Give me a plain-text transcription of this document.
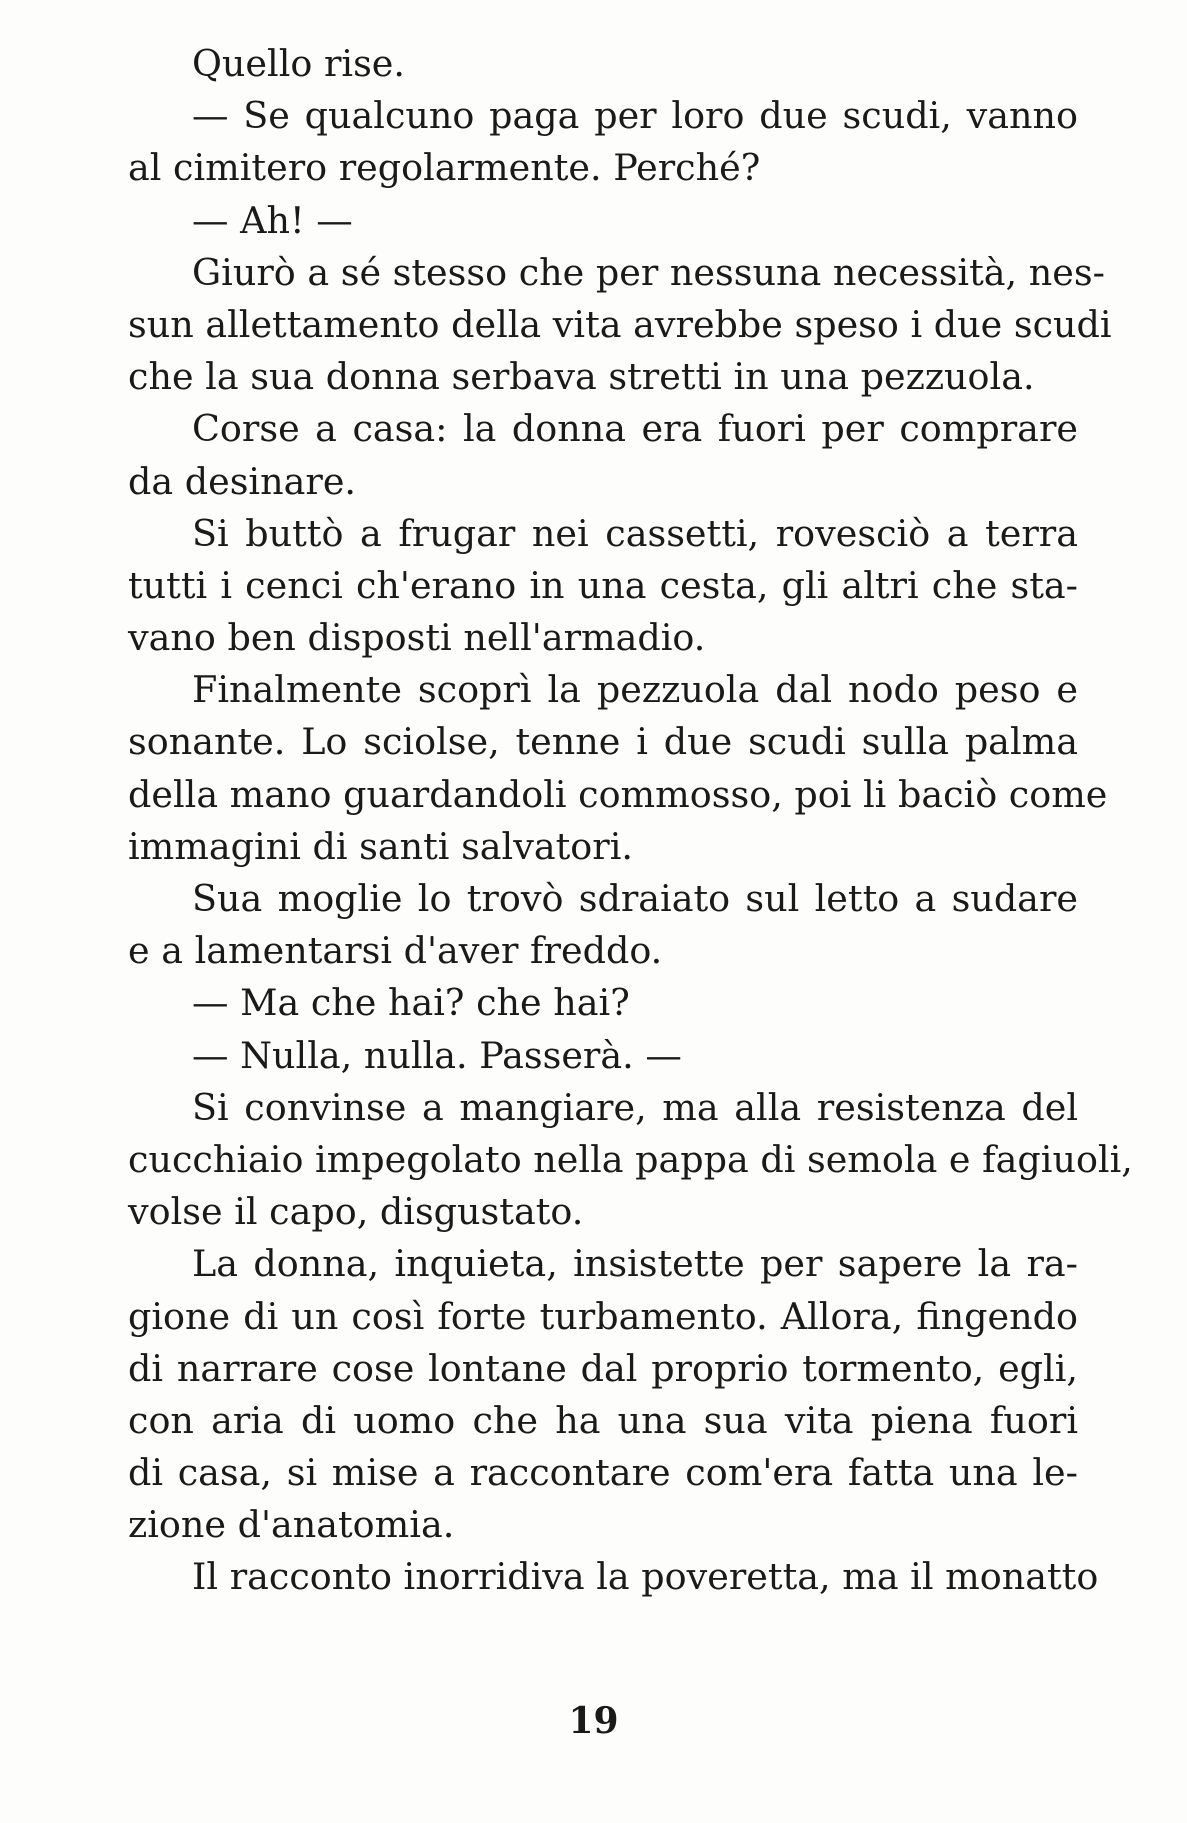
Quello rise.
— Se qualcuno paga per loro due scudi, vanno
al cimitero regolarmente. Perché?
— Ah! —
Giurò a sé stesso che per nessuna necessità, nes-
sun allettamento della vita avrebbe speso i due scudi
che la sua donna serbava stretti in una pezzuola.
Corse a casa: la donna era fuori per comprare
da desinare.
Si buttò a frugar nei cassetti, rovesciò a terra
tutti i cenci ch'erano in una cesta, gli altri che sta-
vano ben disposti nell'armadio.
Finalmente scoprì la pezzuola dal nodo peso e
sonante. Lo sciolse, tenne i due scudi sulla palma
della mano guardandoli commosso, poi li baciò come
immagini di santi salvatori.
Sua moglie lo trovò sdraiato sul letto a sudare
e a lamentarsi d'aver freddo.
— Ma che hai? che hai?
— Nulla, nulla. Passerà. —
Si convinse a mangiare, ma alla resistenza del
cucchiaio impegolato nella pappa di semola e fagiuoli,
volse il capo, disgustato.
La donna, inquieta, insistette per sapere la ra-
gione di un così forte turbamento. Allora, fingendo
di narrare cose lontane dal proprio tormento, egli,
con aria di uomo che ha una sua vita piena fuori
di casa, si mise a raccontare com'era fatta una le-
zione d'anatomia.
Il racconto inorridiva la poveretta, ma il monatto
19
